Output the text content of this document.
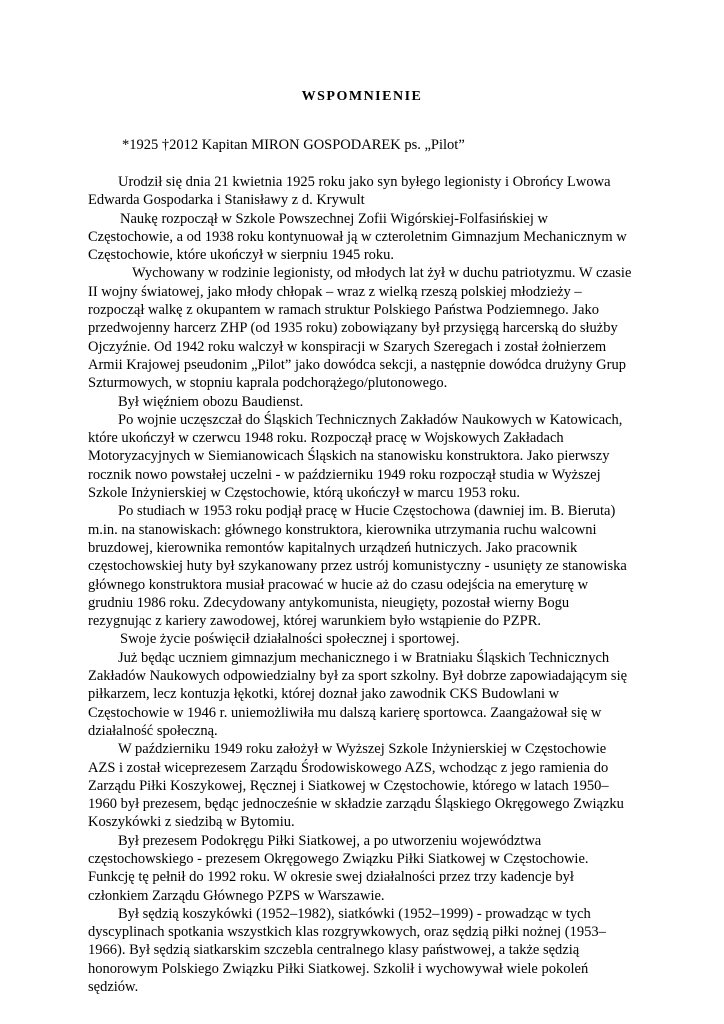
WSPOMNIENIE

*1925 †2012 Kapitan MIRON GOSPODAREK ps. „Pilot”

Urodził się dnia 21 kwietnia 1925 roku jako syn byłego legionisty i Obrońcy Lwowa
Edwarda Gospodarka i Stanisławy z d. Krywult

Naukę rozpoczął w Szkole Powszechnej Zofii Wigórskiej-Folfasińskiej w
Częstochowie, a od 1938 roku kontynuował ją w czteroletnim Gimnazjum Mechanicznym w
Częstochowie, które ukończył w sierpniu 1945 roku.

Wychowany w rodzinie legionisty, od młodych lat żył w duchu patriotyzmu. W czasie
II wojny światowej, jako młody chłopak – wraz z wielką rzeszą polskiej młodzieży –
rozpoczął walkę z okupantem w ramach struktur Polskiego Państwa Podziemnego. Jako
przedwojenny harcerz ZHP (od 1935 roku) zobowiązany był przysięgą harcerską do służby
Ojczyźnie. Od 1942 roku walczył w konspiracji w Szarych Szeregach i został żołnierzem
Armii Krajowej pseudonim „Pilot” jako dowódca sekcji, a następnie dowódca drużyny Grup
Szturmowych, w stopniu kaprala podchorążego/plutonowego.

Był więźniem obozu Baudienst.

Po wojnie uczęszczał do Śląskich Technicznych Zakładów Naukowych w Katowicach,
które ukończył w czerwcu 1948 roku. Rozpoczął pracę w Wojskowych Zakładach
Motoryzacyjnych w Siemianowicach Śląskich na stanowisku konstruktora. Jako pierwszy
rocznik nowo powstałej uczelni - w październiku 1949 roku rozpoczął studia w Wyższej
Szkole Inżynierskiej w Częstochowie, którą ukończył w marcu 1953 roku.

Po studiach w 1953 roku podjął pracę w Hucie Częstochowa (dawniej im. B. Bieruta)
m.in. na stanowiskach: głównego konstruktora, kierownika utrzymania ruchu walcowni
bruzdowej, kierownika remontów kapitalnych urządzeń hutniczych. Jako pracownik
częstochowskiej huty był szykanowany przez ustrój komunistyczny - usunięty ze stanowiska
głównego konstruktora musiał pracować w hucie aż do czasu odejścia na emeryturę w
grudniu 1986 roku. Zdecydowany antykomunista, nieugięty, pozostał wierny Bogu
rezygnując z kariery zawodowej, której warunkiem było wstąpienie do PZPR.

Swoje życie poświęcił działalności społecznej i sportowej.

Już będąc uczniem gimnazjum mechanicznego i w Bratniaku Śląskich Technicznych
Zakładów Naukowych odpowiedzialny był za sport szkolny. Był dobrze zapowiadającym się
piłkarzem, lecz kontuzja łękotki, której doznał jako zawodnik CKS Budowlani w
Częstochowie w 1946 r. uniemożliwiła mu dalszą karierę sportowca. Zaangażował się w
działalność społeczną.

W październiku 1949 roku założył w Wyższej Szkole Inżynierskiej w Częstochowie
AZS i został wiceprezesem Zarządu Środowiskowego AZS, wchodząc z jego ramienia do
Zarządu Piłki Koszykowej, Ręcznej i Siatkowej w Częstochowie, którego w latach 1950–
1960 był prezesem, będąc jednocześnie w składzie zarządu Śląskiego Okręgowego Związku
Koszykówki z siedzibą w Bytomiu.

Był prezesem Podokręgu Piłki Siatkowej, a po utworzeniu województwa
częstochowskiego - prezesem Okręgowego Związku Piłki Siatkowej w Częstochowie.
Funkcję tę pełnił do 1992 roku. W okresie swej działalności przez trzy kadencje był
członkiem Zarządu Głównego PZPS w Warszawie.

Był sędzią koszykówki (1952–1982), siatkówki (1952–1999) - prowadząc w tych
dyscyplinach spotkania wszystkich klas rozgrywkowych, oraz sędzią piłki nożnej (1953–
1966). Był sędzią siatkarskim szczebla centralnego klasy państwowej, a także sędzią
honorowym Polskiego Związku Piłki Siatkowej. Szkolił i wychowywał wiele pokoleń
sędziów.
